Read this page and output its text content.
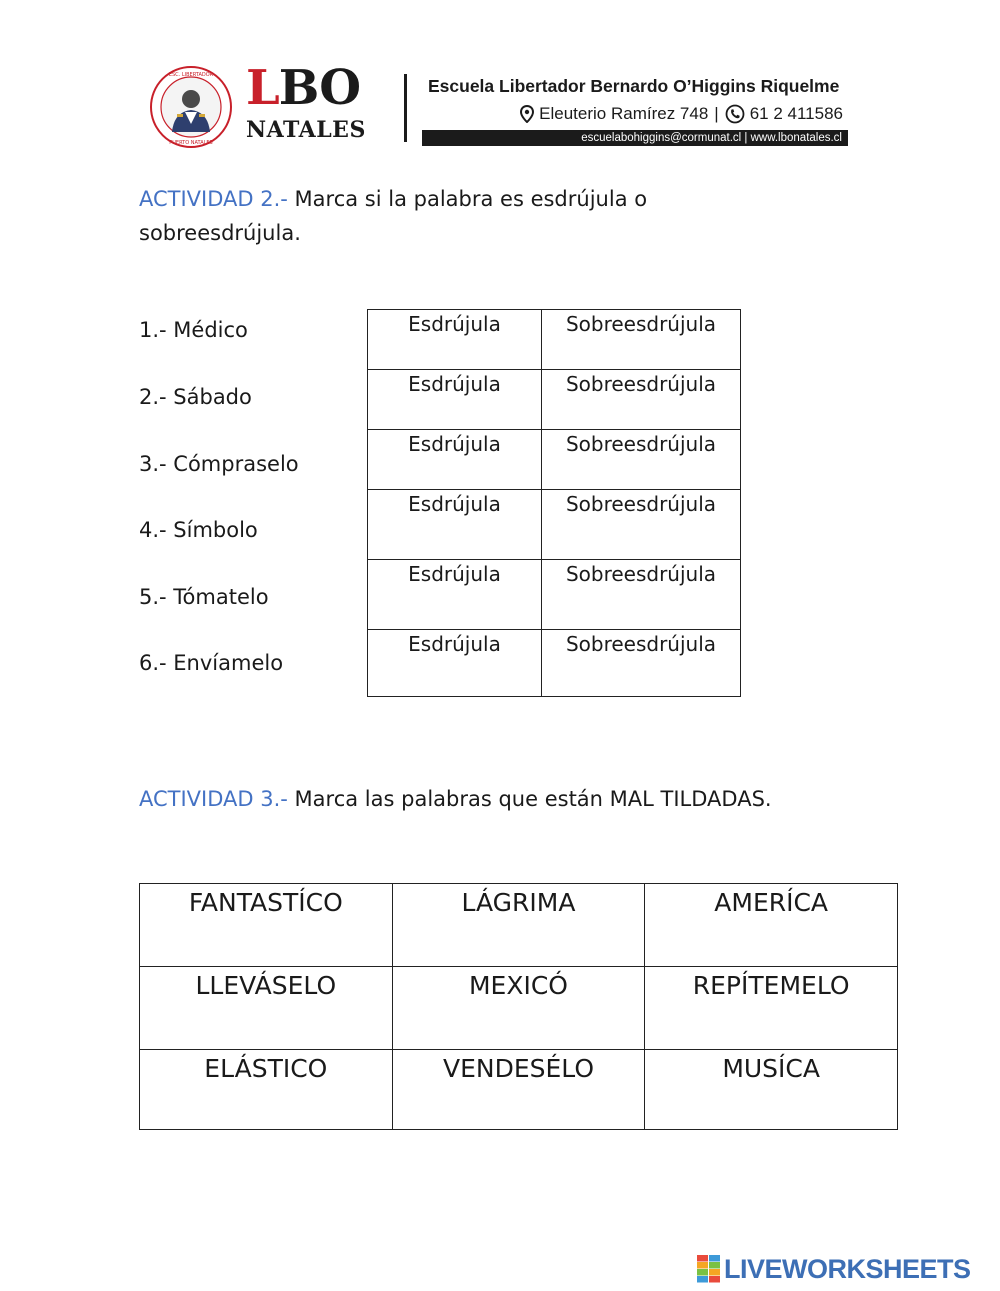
ESC. LIBERTADOR
PUERTO NATALES
LBO
NATALES
Escuela Libertador Bernardo O’Higgins Riquelme
Eleuterio Ramírez 748 | 61 2 411586
escuelabohiggins@cormunat.cl | www.lbonatales.cl
ACTIVIDAD 2.- Marca si la palabra es esdrújula o sobreesdrújula.
1.- Médico
2.- Sábado
3.- Cómpraselo
4.- Símbolo
5.- Tómatelo
6.- Envíamelo
Esdrújula	Sobreesdrújula
Esdrújula	Sobreesdrújula
Esdrújula	Sobreesdrújula
Esdrújula	Sobreesdrújula
Esdrújula	Sobreesdrújula
Esdrújula	Sobreesdrújula
ACTIVIDAD 3.- Marca las palabras que están MAL TILDADAS.
FANTASTÍCO	LÁGRIMA	AMERÍCA
LLEVÁSELO	MEXICÓ	REPÍTEMELO
ELÁSTICO	VENDESÉLO	MUSÍCA
LIVEWORKSHEETS
